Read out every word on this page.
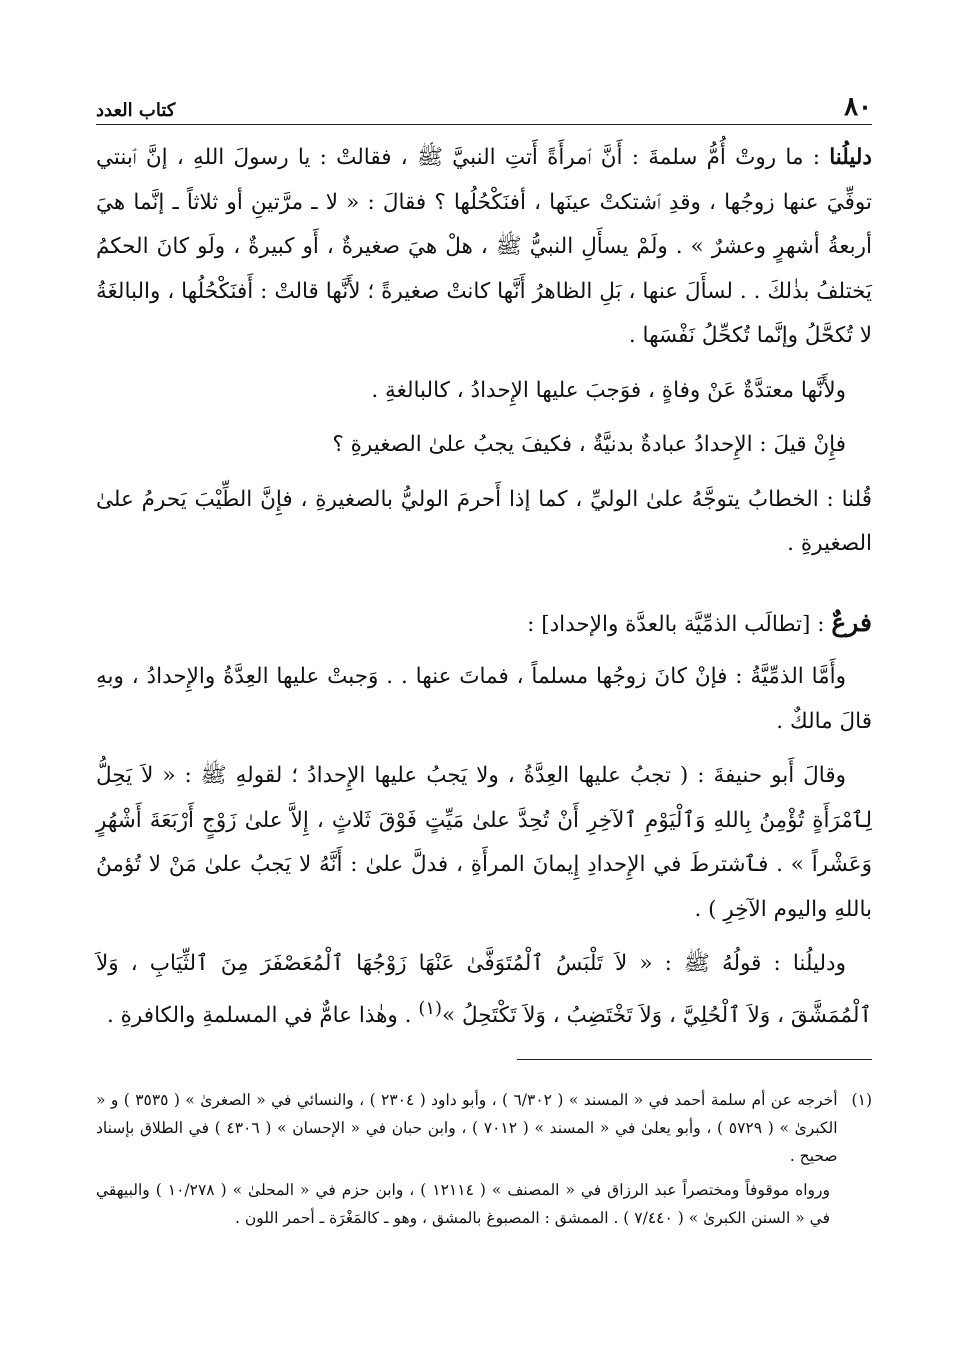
٨٠
كتاب العدد

دليلُنا : ما روتْ أُمُّ سلمةَ : أَنَّ ٱمرأَةً أَتتِ النبيَّ ﷺ ، فقالتْ : يا رسولَ اللهِ ، إنَّ ٱبنتي توفِّيَ عنها زوجُها ، وقدِ ٱشتكتْ عينَها ، أفنَكْحُلُها ؟ فقالَ : « لا ـ مرَّتينِ أو ثلاثاً ـ إنَّما هيَ أربعةُ أشهرٍ وعشرٌ » . ولَمْ يسأَلِ النبيُّ ﷺ ، هلْ هيَ صغيرةٌ ، أَو كبيرةٌ ، ولَو كانَ الحكمُ يَختلفُ بذٰلكَ . . لسأَلَ عنها ، بَلِ الظاهرُ أَنَّها كانتْ صغيرةً ؛ لأَنَّها قالتْ : أَفنَكْحُلُها ، والبالغَةُ لا تُكحَّلُ وإنَّما تُكحِّلُ نَفْسَها .

ولأَنَّها معتدَّةٌ عَنْ وفاةٍ ، فوَجبَ عليها الإِحدادُ ، كالبالغةِ .

فإِنْ قيلَ : الإِحدادُ عبادةٌ بدنيَّةٌ ، فكيفَ يجبُ علىٰ الصغيرةِ ؟

قُلنا : الخطابُ يتوجَّهُ علىٰ الوليِّ ، كما إذا أَحرمَ الوليُّ بالصغيرةِ ، فإِنَّ الطِّيْبَ يَحرمُ علىٰ الصغيرةِ .

فرعٌ : [تطالَب الذمِّيَّة بالعدَّة والإحداد] :

وأَمَّا الذمِّيَّةُ : فإنْ كانَ زوجُها مسلماً ، فماتَ عنها . . وَجبتْ عليها العِدَّةُ والإِحدادُ ، وبهِ قالَ مالكٌ .

وقالَ أَبو حنيفةَ : ( تجبُ عليها العِدَّةُ ، ولا يَجبُ عليها الإِحدادُ ؛ لقولهِ ﷺ : « لاَ يَحِلُّ لِٱمْرَأَةٍ تُؤْمِنُ بِاللهِ وَٱلْيَوْمِ ٱلآخِرِ أَنْ تُحِدَّ علىٰ مَيِّتٍ فَوْقَ ثَلاثٍ ، إِلاَّ علىٰ زَوْجٍ أَرْبَعَةَ أَشْهُرٍ وَعَشْراً » . فٱشترطَ في الإِحدادِ إِيمانَ المرأَةِ ، فدلَّ علىٰ : أَنَّهُ لا يَجبُ علىٰ مَنْ لا تُؤمنُ باللهِ واليوم الآخِرِ ) .

ودليلُنا : قولُهُ ﷺ : « لاَ تَلْبَسُ ٱلْمُتَوَفَّىٰ عَنْهَا زَوْجُهَا ٱلْمُعَصْفَرَ مِنَ ٱلثِّيَابِ ، وَلاَ ٱلْمُمَشَّقَ ، وَلاَ ٱلْحُلِيَّ ، وَلاَ تَخْتَضِبُ ، وَلاَ تَكْتَحِلُ »$^{(١)}$ . وهٰذا عامٌّ في المسلمةِ والكافرةِ .

(١)
أخرجه عن أم سلمة أحمد في « المسند » ( ٦/٣٠٢ ) ، وأبو داود ( ٢٣٠٤ ) ، والنسائي في « الصغرىٰ » ( ٣٥٣٥ ) و « الكبرىٰ » ( ٥٧٢٩ ) ، وأبو يعلىٰ في « المسند » ( ٧٠١٢ ) ، وابن حبان في « الإحسان » ( ٤٣٠٦ ) في الطلاق بإسناد صحيح .

ورواه موقوفاً ومختصراً عبد الرزاق في « المصنف » ( ١٢١١٤ ) ، وابن حزم في « المحلىٰ » ( ١٠/٢٧٨ ) والبيهقي في « السنن الكبرىٰ » ( ٧/٤٤٠ ) . الممشق : المصبوغ بالمشق ، وهو ـ كالمَغْرَة ـ أحمر اللون .
